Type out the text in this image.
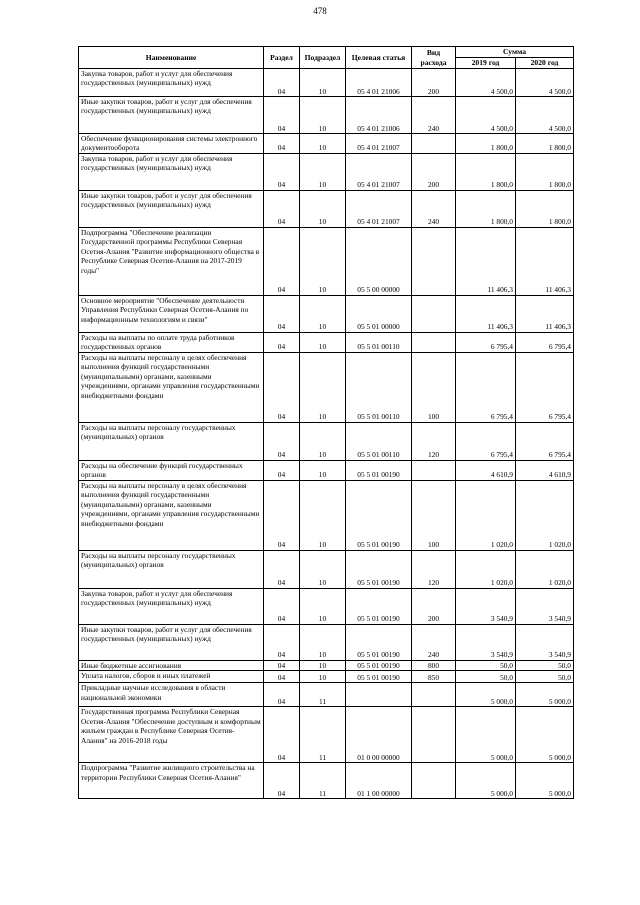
478
Наименование	Раздел	Подраздел	Целевая статья	Вид расхода	Сумма	
					2019 год	2020 год
Закупка товаров, работ и услуг для обеспечения государственных (муниципальных) нужд	04	10	05 4 01 21006	200	4 500,0	4 500,0
Иные закупки товаров, работ и услуг для обеспечения государственных (муниципальных) нужд	04	10	05 4 01 21006	240	4 500,0	4 500,0
Обеспечение функционирования системы электронного документооборота	04	10	05 4 01 21007		1 800,0	1 800,0
Закупка товаров, работ и услуг для обеспечения государственных (муниципальных) нужд	04	10	05 4 01 21007	200	1 800,0	1 800,0
Иные закупки товаров, работ и услуг для обеспечения государственных (муниципальных) нужд	04	10	05 4 01 21007	240	1 800,0	1 800,0
Подпрограмма "Обеспечение реализации Государственной программы Республики Северная Осетия-Алания "Развитие информационного общества в Республике Северная Осетия-Алания на 2017-2019 годы"	04	10	05 5 00 00000		11 406,3	11 406,3
Основное мероприятие "Обеспечение деятельности Управления Республики Северная Осетия-Алания по информационным технологиям и связи"	04	10	05 5 01 00000		11 406,3	11 406,3
Расходы на выплаты по оплате труда работников государственных органов	04	10	05 5 01 00110		6 795,4	6 795,4
Расходы на выплаты персоналу в целях обеспечения выполнения функций государственными (муниципальными) органами, казенными учреждениями, органами управления государственными внебюджетными фондами	04	10	05 5 01 00110	100	6 795,4	6 795,4
Расходы на выплаты персоналу государственных (муниципальных) органов	04	10	05 5 01 00110	120	6 795,4	6 795,4
Расходы на обеспечение функций государственных органов	04	10	05 5 01 00190		4 610,9	4 610,9
Расходы на выплаты персоналу в целях обеспечения выполнения функций государственными (муниципальными) органами, казенными учреждениями, органами управления государственными внебюджетными фондами	04	10	05 5 01 00190	100	1 020,0	1 020,0
Расходы на выплаты персоналу государственных (муниципальных) органов	04	10	05 5 01 00190	120	1 020,0	1 020,0
Закупка товаров, работ и услуг для обеспечения государственных (муниципальных) нужд	04	10	05 5 01 00190	200	3 540,9	3 540,9
Иные закупки товаров, работ и услуг для обеспечения государственных (муниципальных) нужд	04	10	05 5 01 00190	240	3 540,9	3 540,9
Иные бюджетные ассигнования	04	10	05 5 01 00190	800	50,0	50,0
Уплата налогов, сборов и иных платежей	04	10	05 5 01 00190	850	50,0	50,0
Прикладные научные исследования в области национальной экономики	04	11			5 000,0	5 000,0
Государственная программа Республики Северная Осетия-Алания "Обеспечение доступным и комфортным жильем граждан в Республике Северная Осетия-Алания" на 2016-2018 годы	04	11	01 0 00 00000		5 000,0	5 000,0
Подпрограмма "Развитие жилищного строительства на территории Республики Северная Осетия-Алания"	04	11	01 1 00 00000		5 000,0	5 000,0
